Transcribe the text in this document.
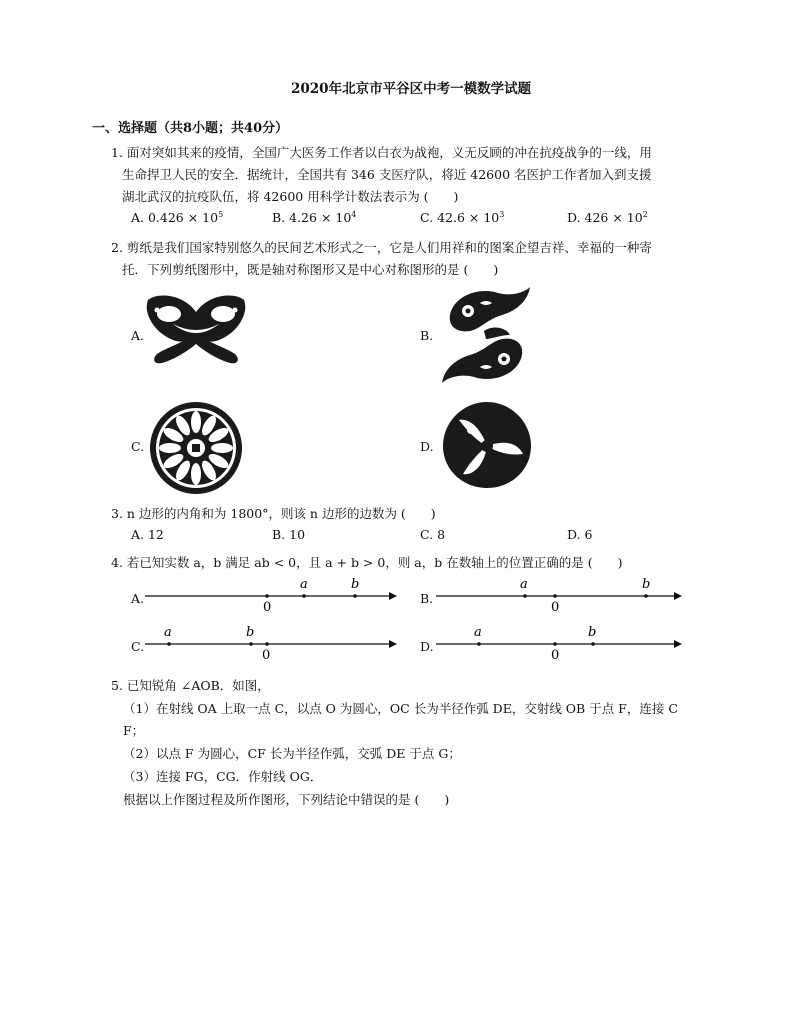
2020年北京市平谷区中考一模数学试题
一、选择题（共8小题；共40分）
1. 面对突如其来的疫情，全国广大医务工作者以白衣为战袍，义无反顾的冲在抗疫战争的一线，用
生命捍卫人民的安全．据统计，全国共有 346 支医疗队，将近 42600 名医护工作者加入到支援
湖北武汉的抗疫队伍，将 42600 用科学计数法表示为 (　　)
A. $0.426 \times 10^5$	B. $4.26 \times 10^4$	C. $42.6 \times 10^3$	D. $426 \times 10^2$
2. 剪纸是我们国家特别悠久的民间艺术形式之一，它是人们用祥和的图案企望吉祥、幸福的一种寄
托．下列剪纸图形中，既是轴对称图形又是中心对称图形的是 (　　)
A.	B.
C.	D.
3. n 边形的内角和为 1800°，则该 n 边形的边数为 (　　)
A. 12	B. 10	C. 8	D. 6
4. 若已知实数 a，b 满足 ab < 0，且 a + b > 0，则 a，b 在数轴上的位置正确的是 (　　)
A.
0
a	b
B.
0
a	b
C.
0
a	b
D.
0
a	b
5. 已知锐角 ∠AOB．如图，
（1）在射线 OA 上取一点 C，以点 O 为圆心，OC 长为半径作弧 DE，交射线 OB 于点 F，连接 C
F；
（2）以点 F 为圆心，CF 长为半径作弧，交弧 DE 于点 G；
（3）连接 FG，CG．作射线 OG．
根据以上作图过程及所作图形，下列结论中错误的是 (　　)
